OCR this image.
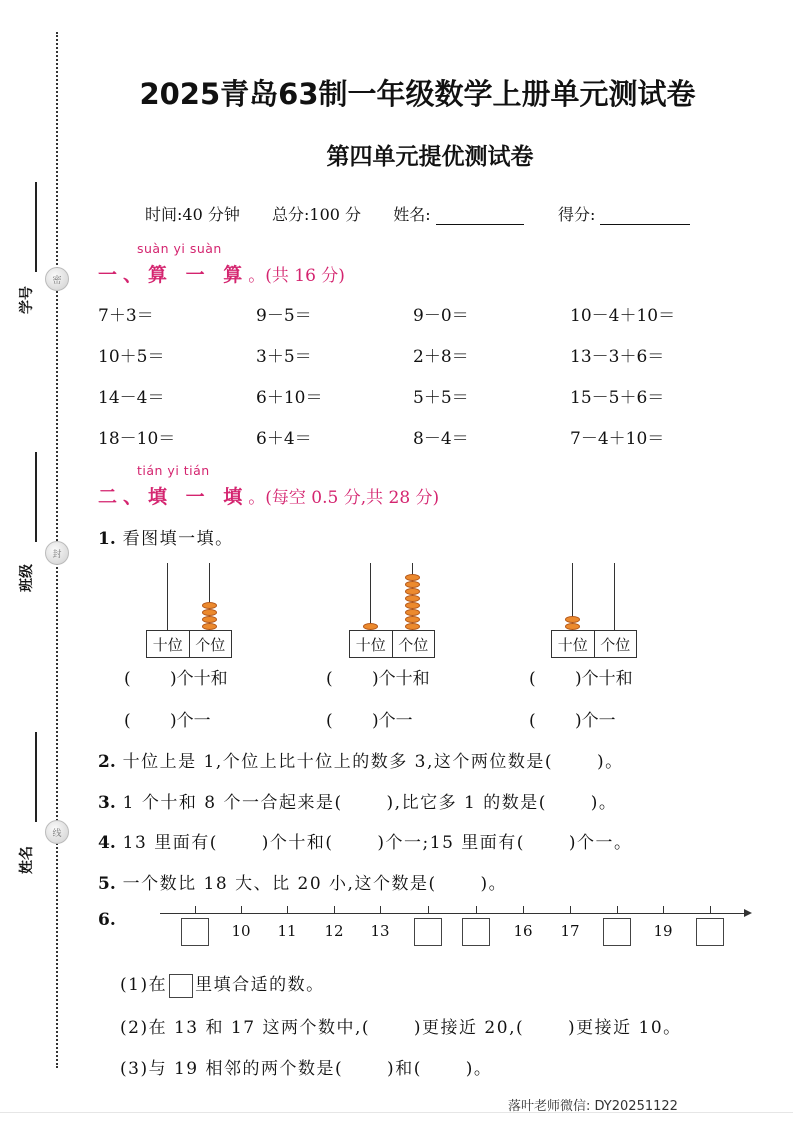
密
学号
封
班级
线
姓名
2025青岛63制一年级数学上册单元测试卷
第四单元提优测试卷
时间:40 分钟 总分:100 分 姓名:	得分:
suàn yi suàn
一、算 一 算。(共 16 分)
7＋3＝	9－5＝	9－0＝	10－4＋10＝
10＋5＝	3＋5＝	2＋8＝	13－3＋6＝
14－4＝	6＋10＝	5＋5＝	15－5＋6＝
18－10＝	6＋4＝	8－4＝	7－4＋10＝
tián yi tián
二、填 一 填。(每空 0.5 分,共 28 分)
1. 看图填一填。
十位 个位
(　　 )个十和
(　　 )个一
十位 个位
(　　 )个十和
(　　 )个一
十位 个位
(　　 )个十和
(　　 )个一
2. 十位上是 1,个位上比十位上的数多 3,这个两位数是(　　 )。
3. 1 个十和 8 个一合起来是(　　 ),比它多 1 的数是(　　 )。
4. 13 里面有(　　 )个十和(　　 )个一;15 里面有(　　 )个一。
5. 一个数比 18 大、比 20 小,这个数是(　　 )。
6.
10	11	12	13	16	17	19
(1)在 里填合适的数。
(2)在 13 和 17 这两个数中,(　　 )更接近 20,(　　 )更接近 10。
(3)与 19 相邻的两个数是(　　 )和(　　 )。
落叶老师微信: DY20251122
